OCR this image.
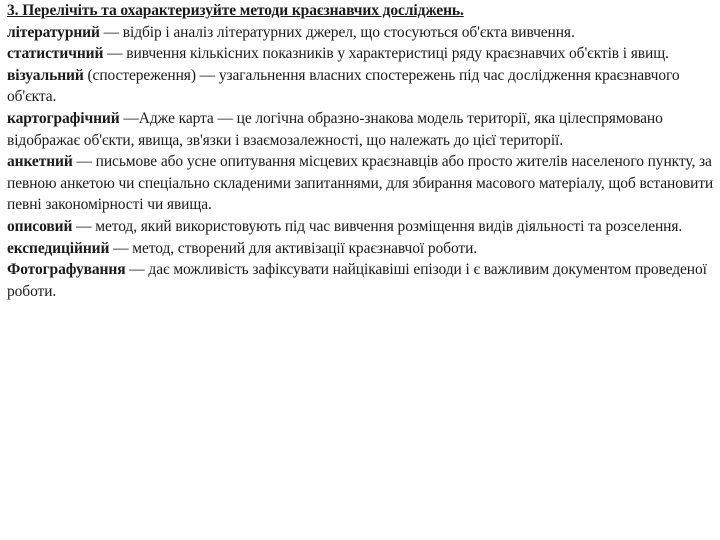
3. Перелічіть та охарактеризуйте методи краєзнавчих досліджень.

літературний — відбір і аналіз літературних джерел, що стосуються об'єкта вивчення.

статистичний — вивчення кількісних показників у характеристиці ряду краєзнавчих об'єктів і явищ. візуальний (спостереження) — узагальнення власних спостережень під час дослідження краєзнавчого об'єкта.

картографічний —Адже карта — це логічна образно-знакова модель території, яка цілеспрямовано відображає об'єкти, явища, зв'язки і взаємозалежності, що належать до цієї території.

анкетний — письмове або усне опитування місцевих краєзнавців або просто жителів населеного пункту, за певною анкетою чи спеціально складеними запитаннями, для збирання масового матеріалу, щоб встановити певні закономірності чи явища.

описовий — метод, який використовують під час вивчення розміщення видів діяльності та розселення.

експедиційний — метод, створений для активізації краєзнавчої роботи.

Фотографування — дає можливість зафіксувати найцікавіші епізоди і є важливим документом проведеної роботи.
